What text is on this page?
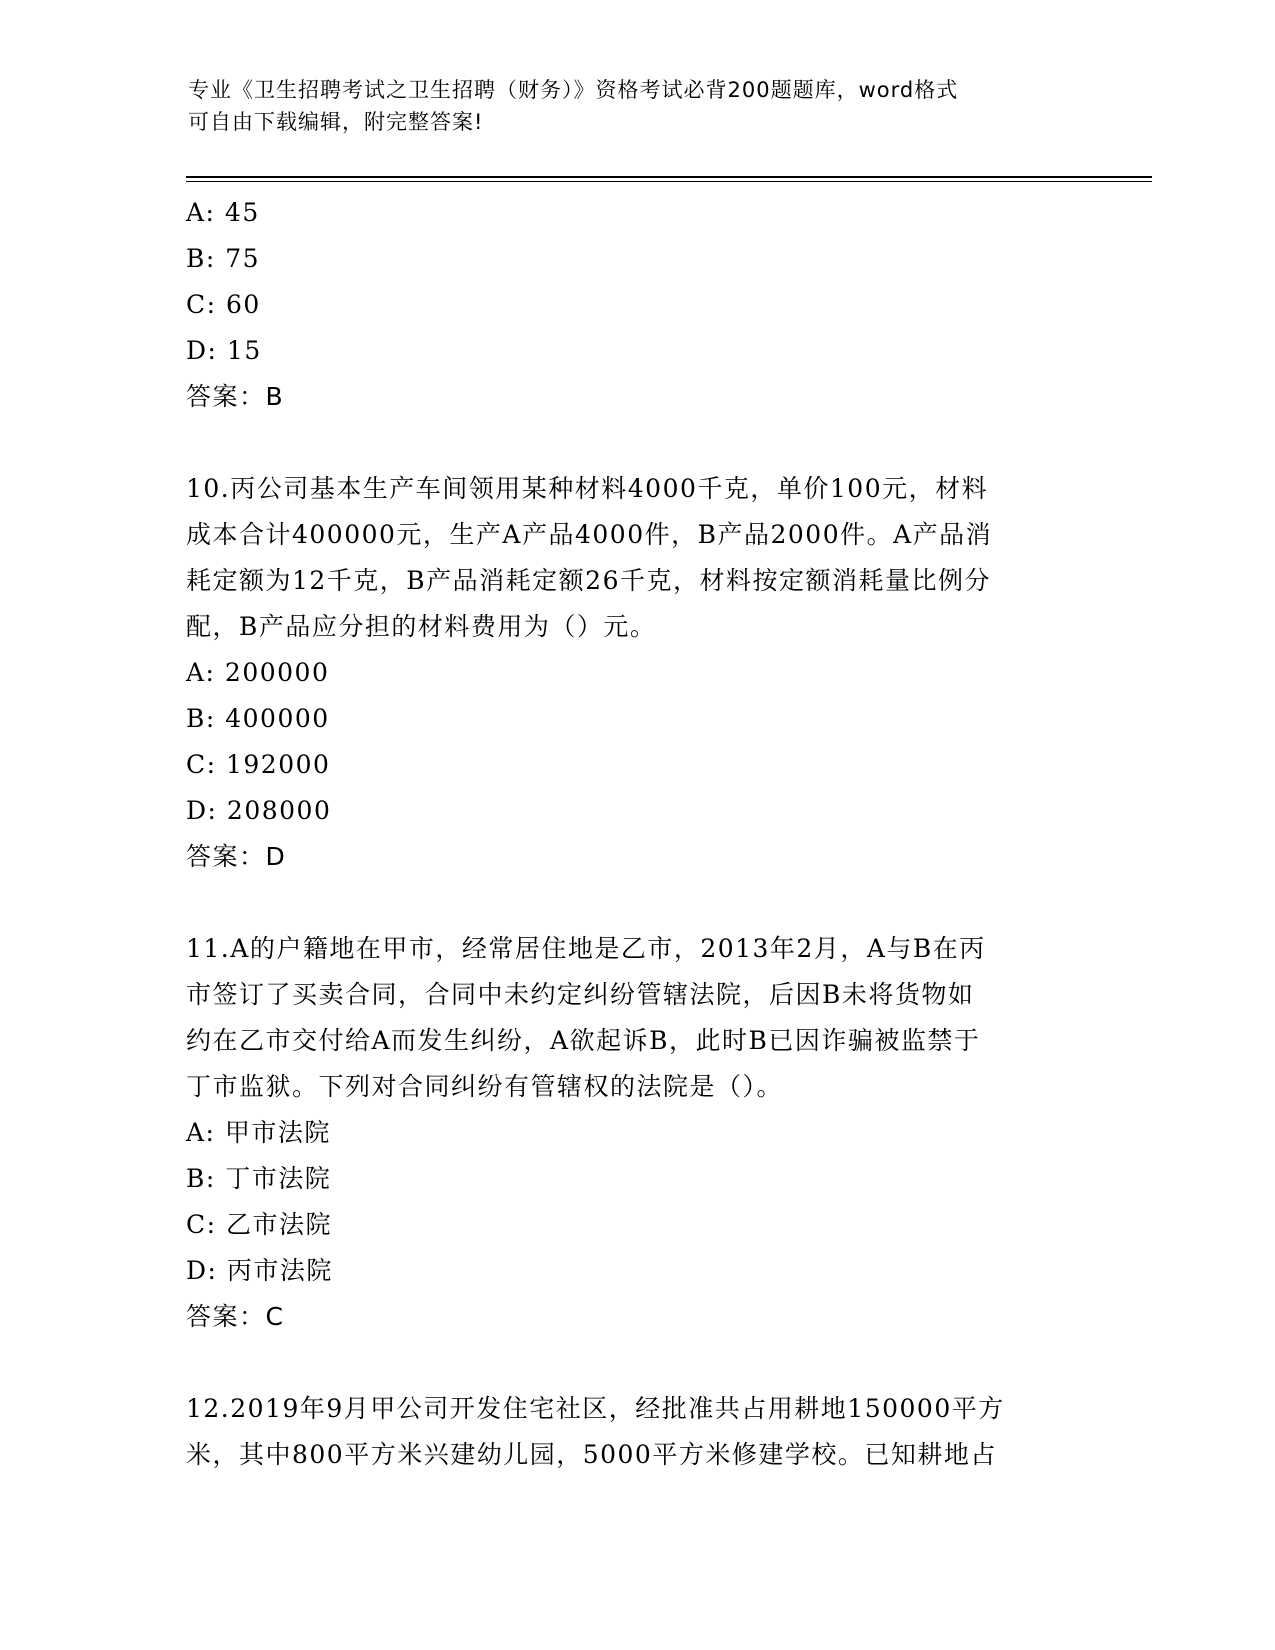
专业《卫生招聘考试之卫生招聘（财务）》资格考试必背200题题库，word格式
可自由下载编辑，附完整答案!
A: 45
B: 75
C: 60
D: 15
答案：B
10.丙公司基本生产车间领用某种材料4000千克，单价100元，材料
成本合计400000元，生产A产品4000件，B产品2000件。A产品消
耗定额为12千克，B产品消耗定额26千克，材料按定额消耗量比例分
配，B产品应分担的材料费用为（）元。
A: 200000
B: 400000
C: 192000
D: 208000
答案：D
11.A的户籍地在甲市，经常居住地是乙市，2013年2月，A与B在丙
市签订了买卖合同，合同中未约定纠纷管辖法院，后因B未将货物如
约在乙市交付给A而发生纠纷，A欲起诉B，此时B已因诈骗被监禁于
丁市监狱。下列对合同纠纷有管辖权的法院是（）。
A: 甲市法院
B: 丁市法院
C: 乙市法院
D: 丙市法院
答案：C
12.2019年9月甲公司开发住宅社区，经批准共占用耕地150000平方
米，其中800平方米兴建幼儿园，5000平方米修建学校。已知耕地占
